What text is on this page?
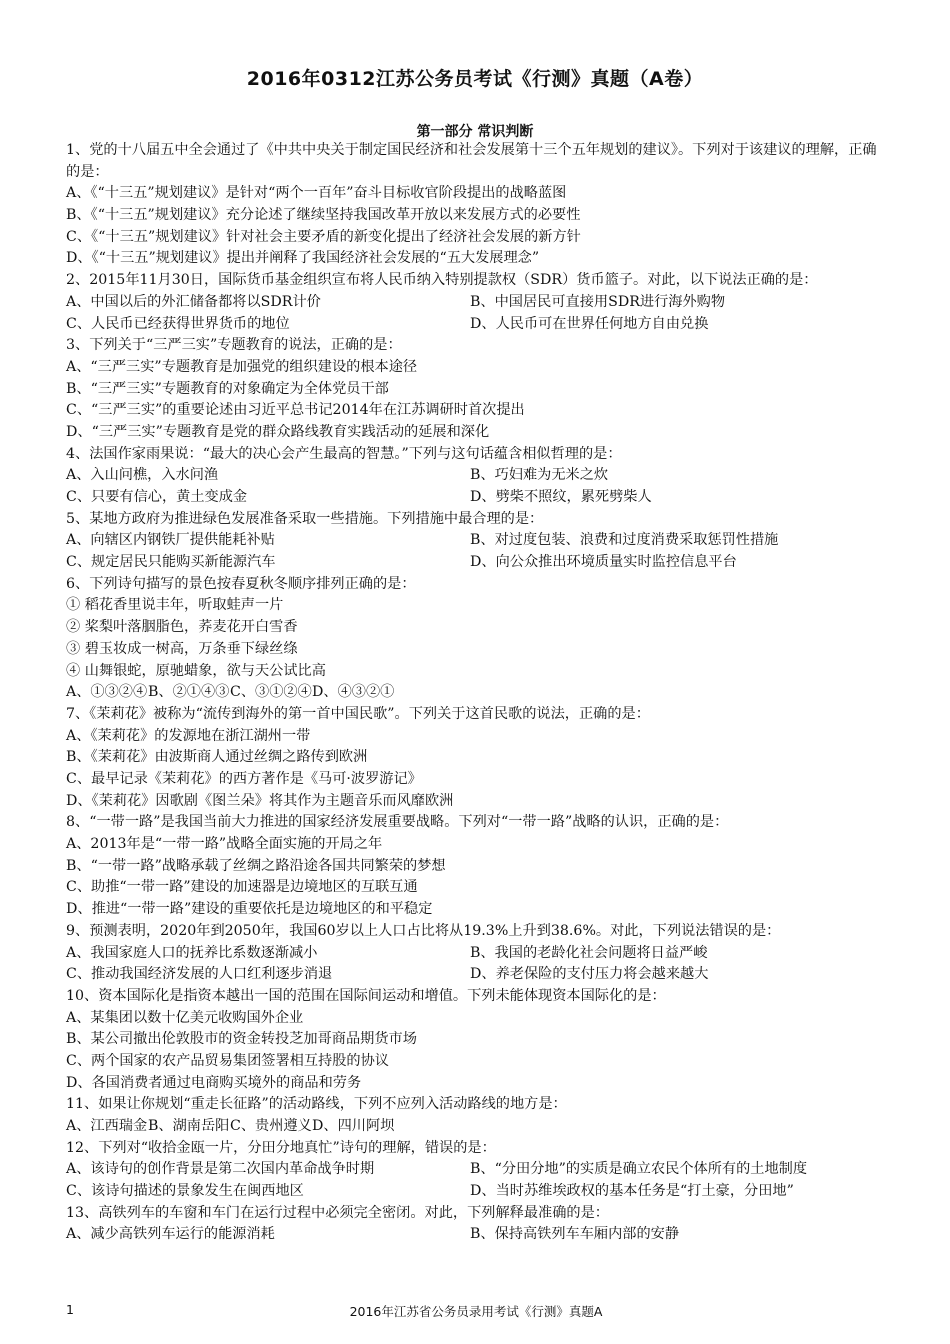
2016年0312江苏公务员考试《行测》真题（A卷）
第一部分 常识判断
1、党的十八届五中全会通过了《中共中央关于制定国民经济和社会发展第十三个五年规划的建议》。下列对于该建议的理解，正确的是：
A、《“十三五”规划建议》是针对“两个一百年”奋斗目标收官阶段提出的战略蓝图
B、《“十三五”规划建议》充分论述了继续坚持我国改革开放以来发展方式的必要性
C、《“十三五”规划建议》针对社会主要矛盾的新变化提出了经济社会发展的新方针
D、《“十三五”规划建议》提出并阐释了我国经济社会发展的“五大发展理念”
2、2015年11月30日，国际货币基金组织宣布将人民币纳入特别提款权（SDR）货币篮子。对此，以下说法正确的是：
A、中国以后的外汇储备都将以SDR计价	B、中国居民可直接用SDR进行海外购物
C、人民币已经获得世界货币的地位	D、人民币可在世界任何地方自由兑换
3、下列关于“三严三实”专题教育的说法，正确的是：
A、“三严三实”专题教育是加强党的组织建设的根本途径
B、“三严三实”专题教育的对象确定为全体党员干部
C、“三严三实”的重要论述由习近平总书记2014年在江苏调研时首次提出
D、“三严三实”专题教育是党的群众路线教育实践活动的延展和深化
4、法国作家雨果说：“最大的决心会产生最高的智慧。”下列与这句话蕴含相似哲理的是：
A、入山问樵，入水问渔	B、巧妇难为无米之炊
C、只要有信心，黄土变成金	D、劈柴不照纹，累死劈柴人
5、某地方政府为推进绿色发展准备采取一些措施。下列措施中最合理的是：
A、向辖区内钢铁厂提供能耗补贴	B、对过度包装、浪费和过度消费采取惩罚性措施
C、规定居民只能购买新能源汽车	D、向公众推出环境质量实时监控信息平台
6、下列诗句描写的景色按春夏秋冬顺序排列正确的是：
① 稻花香里说丰年，听取蛙声一片
② 桨梨叶落胭脂色，荞麦花开白雪香
③ 碧玉妆成一树高，万条垂下绿丝绦
④ 山舞银蛇，原驰蜡象，欲与天公试比高
A、①③②④ B、②①④③ C、③①②④ D、④③②①
7、《茉莉花》被称为“流传到海外的第一首中国民歌”。下列关于这首民歌的说法，正确的是：
A、《茉莉花》的发源地在浙江湖州一带
B、《茉莉花》由波斯商人通过丝绸之路传到欧洲
C、最早记录《茉莉花》的西方著作是《马可·波罗游记》
D、《茉莉花》因歌剧《图兰朵》将其作为主题音乐而风靡欧洲
8、“一带一路”是我国当前大力推进的国家经济发展重要战略。下列对“一带一路”战略的认识，正确的是：
A、2013年是“一带一路”战略全面实施的开局之年
B、“一带一路”战略承载了丝绸之路沿途各国共同繁荣的梦想
C、助推“一带一路”建设的加速器是边境地区的互联互通
D、推进“一带一路”建设的重要依托是边境地区的和平稳定
9、预测表明，2020年到2050年，我国60岁以上人口占比将从19.3%上升到38.6%。对此，下列说法错误的是：
A、我国家庭人口的抚养比系数逐渐减小	B、我国的老龄化社会问题将日益严峻
C、推动我国经济发展的人口红利逐步消退	D、养老保险的支付压力将会越来越大
10、资本国际化是指资本越出一国的范围在国际间运动和增值。下列未能体现资本国际化的是：
A、某集团以数十亿美元收购国外企业
B、某公司撤出伦敦股市的资金转投芝加哥商品期货市场
C、两个国家的农产品贸易集团签署相互持股的协议
D、各国消费者通过电商购买境外的商品和劳务
11、如果让你规划“重走长征路”的活动路线，下列不应列入活动路线的地方是：
A、江西瑞金 B、湖南岳阳 C、贵州遵义 D、四川阿坝
12、下列对“收拾金瓯一片，分田分地真忙”诗句的理解，错误的是：
A、该诗句的创作背景是第二次国内革命战争时期	B、“分田分地”的实质是确立农民个体所有的土地制度
C、该诗句描述的景象发生在闽西地区	D、当时苏维埃政权的基本任务是“打土豪，分田地”
13、高铁列车的车窗和车门在运行过程中必须完全密闭。对此，下列解释最准确的是：
A、减少高铁列车运行的能源消耗	B、保持高铁列车车厢内部的安静
2016年江苏省公务员录用考试《行测》真题A
1
